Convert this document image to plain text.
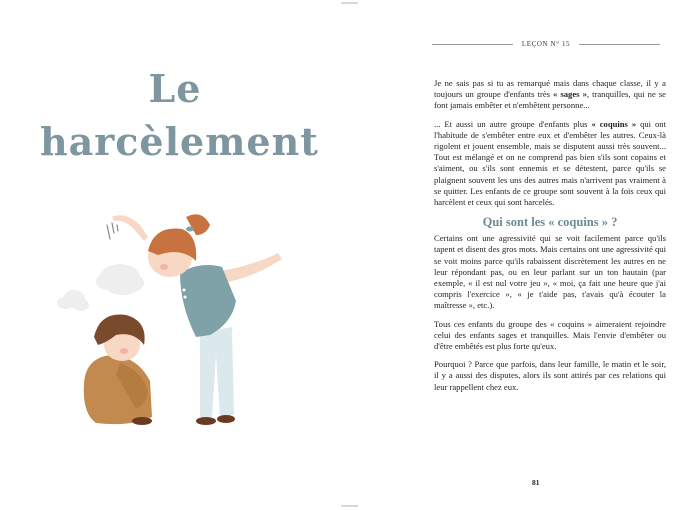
Le
harcèlement
LEÇON N° 15

Je ne sais pas si tu as remarqué mais dans chaque classe, il y a toujours un groupe d'enfants très « sages », tranquilles, qui ne se font jamais embêter et n'embêtent personne...

... Et aussi un autre groupe d'enfants plus « coquins » qui ont l'habitude de s'embêter entre eux et d'embêter les autres. Ceux-là rigolent et jouent ensemble, mais se disputent aussi très souvent... Tout est mélangé et on ne comprend pas bien s'ils sont copains et s'aiment, ou s'ils sont ennemis et se détestent, parce qu'ils se plaignent souvent les uns des autres mais n'arrivent pas vraiment à se quitter. Les enfants de ce groupe sont souvent à la fois ceux qui harcèlent et ceux qui sont harcelés.

Qui sont les « coquins » ?

Certains ont une agressivité qui se voit facilement parce qu'ils tapent et disent des gros mots. Mais certains ont une agressivité qui se voit moins parce qu'ils rabaissent discrètement les autres en ne leur répondant pas, ou en leur parlant sur un ton hautain (par exemple, « il est nul votre jeu », « moi, ça fait une heure que j'ai compris l'exercice », « je t'aide pas, t'avais qu'à écouter la maîtresse », etc.).

Tous ces enfants du groupe des « coquins » aimeraient rejoindre celui des enfants sages et tranquilles. Mais l'envie d'embêter ou d'être embêtés est plus forte qu'eux.

Pourquoi ? Parce que parfois, dans leur famille, le matin et le soir, il y a aussi des disputes, alors ils sont attirés par ces relations qui leur rappellent chez eux.

81
